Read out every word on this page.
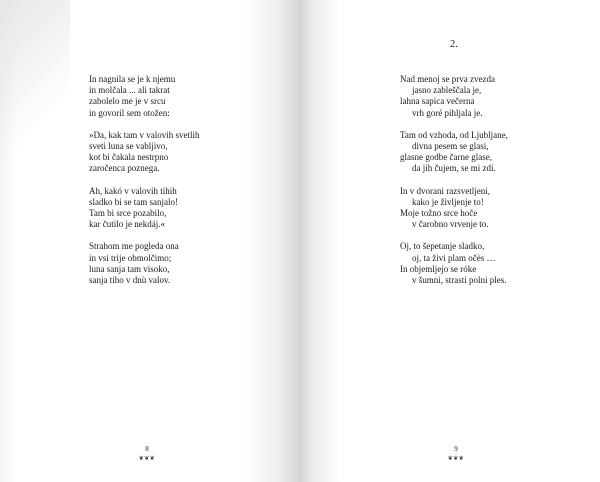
In nagnila se je k njemu
in molčala ... ali takrat
zabolelo me je v srcu
in govoril sem otožen:
»Da, kak tam v valovih svetlih
sveti luna se vabljivo,
kot bi čakala nestrpno
zaročenca poznega.
Ah, kakó v valovih tihih
sladko bi se tam sanjalo!
Tam bi srce pozabilo,
kar čutilo je nekdáj.«
Strahom me pogleda ona
in vsi trije obmolčimo;
luna sanja tam visoko,
sanja tiho v dnù valov.
2.
Nad menoj se prva zvezda
jasno zableščala je,
lahna sapica večerna
vrh goré pihljala je.
Tam od vzhoda, od Ljubljane,
divna pesem se glasi,
glasne godbe čarne glase,
da jih čujem, se mi zdí.
In v dvorani razsvetljeni,
kako je življenje to!
Moje tožno srce hoče
v čarobno vrvenje to.
Oj, to šepetanje sladko,
oj, ta živi plam očès …
In objemljejo se róke
v šumni, strasti polni ples.
8
❦❦❦
9
❦❦❦
